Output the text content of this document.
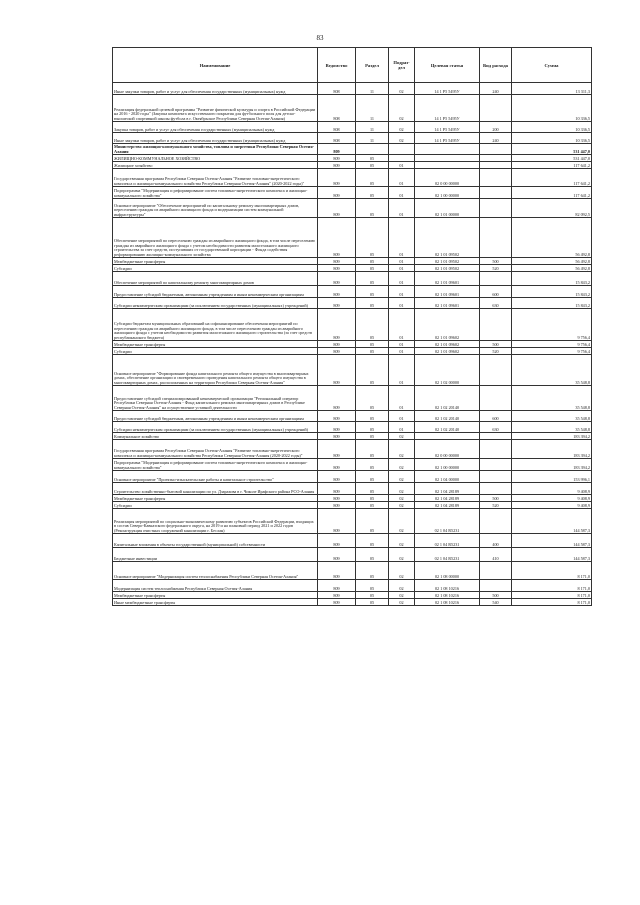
83
Наименование	Ведомство	Раздел	Подраз-дел	Целевая статья	Вид расхода	Сумма
Иные закупки товаров, работ и услуг для обеспечения государственных (муниципальных) нужд	808	11	02	14 1 P5 5495У	240	13 311,3
Реализация федеральной целевой программы "Развитие физической культуры и спорта в Российской Федерации на 2016 - 2020 годы" (Закупка комплекта искусственного покрытия для футбольного поля для детско-юношеской спортивной школы футбола в г. Октябрьское Республики Северная Осетия-Алания)	808	11	02	14 1 P5 5495У		10 336,5
Закупка товаров, работ и услуг для обеспечения государственных (муниципальных) нужд	808	11	02	14 1 P5 5495У	200	10 336,5
Иные закупки товаров, работ и услуг для обеспечения государственных (муниципальных) нужд	808	11	02	14 1 P5 5495У	240	10 336,5
Министерство жилищно-коммунального хозяйства, топлива и энергетики Республики Северная Осетия-Алания	809					531 447,0
ЖИЛИЩНО-КОММУНАЛЬНОЕ ХОЗЯЙСТВО	809	05				531 447,0
Жилищное хозяйство	809	05	01			117 641,2
Государственная программа Республики Северная Осетия-Алания "Развитие топливно-энергетического комплекса и жилищно-коммунального хозяйства Республики Северная Осетия-Алания" (2020-2022 годы)"	809	05	01	02 0 00 00000		117 641,2
Подпрограмма "Модернизация и реформирование систем топливно-энергетического комплекса и жилищно-коммунального хозяйства"	809	05	01	02 1 00 00000		117 641,2
Основное мероприятие "Обеспечение мероприятий по капитальному ремонту многоквартирных домов, переселению граждан из аварийного жилищного фонда и модернизации систем коммунальной инфраструктуры"	809	05	01	02 1 01 00000		82 092,5
Обеспечение мероприятий по переселению граждан из аварийного жилищного фонда, в том числе переселению граждан из аварийного жилищного фонда с учетом необходимости развития малоэтажного жилищного строительства за счет средств, поступивших от государственной корпорации - Фонда содействия реформированию жилищно-коммунального хозяйства	809	05	01	02 1 01 09502		56 492,8
Межбюджетные трансферты	809	05	01	02 1 01 09502	500	56 492,8
Субсидии	809	05	01	02 1 01 09502	520	56 492,8
Обеспечение мероприятий по капитальному ремонту многоквартирных домов	809	05	01	02 1 01 09601		15 843,2
Предоставление субсидий бюджетным, автономным учреждениям и иным некоммерческим организациям	809	05	01	02 1 01 09601	600	15 843,2
Субсидии некоммерческим организациям (за исключением государственных (муниципальных) учреждений)	809	05	01	02 1 01 09601	630	15 843,2
Субсидии бюджетам муниципальных образований на софинансирование обеспечения мероприятий по переселению граждан из аварийного жилищного фонда, в том числе переселению граждан из аварийного жилищного фонда с учетом необходимости развития малоэтажного жилищного строительства (за счет средств республиканского бюджета)	809	05	01	02 1 01 09602		9 756,4
Межбюджетные трансферты	809	05	01	02 1 01 09602	500	9 756,4
Субсидии	809	05	01	02 1 01 09602	520	9 756,4
Основное мероприятие "Формирование фонда капитального ремонта общего имущества в многоквартирных домах, обеспечение организации и своевременного проведения капитального ремонта общего имущества в многоквартирных домах, расположенных на территории Республики Северная Осетия-Алания"	809	05	01	02 1 02 00000		35 548,8
Предоставление субсидий специализированной некоммерческой организации "Региональный оператор Республики Северная Осетия-Алания - Фонд капитального ремонта многоквартирных домов в Республике Северная Осетия-Алания" на осуществление уставной деятельности	809	05	01	02 1 02 20140		35 548,8
Предоставление субсидий бюджетным, автономным учреждениям и иным некоммерческим организациям	809	05	01	02 1 02 20140	600	35 548,8
Субсидии некоммерческим организациям (за исключением государственных (муниципальных) учреждений)	809	05	01	02 1 02 20140	630	35 548,8
Коммунальное хозяйство	809	05	02			183 394,2
Государственная программа Республики Северная Осетия-Алания "Развитие топливно-энергетического комплекса и жилищно-коммунального хозяйства Республики Северная Осетия-Алания (2020-2022 годы)"	809	05	02	02 0 00 00000		183 394,2
Подпрограмма "Модернизация и реформирование систем топливно-энергетического комплекса и жилищно-коммунального хозяйства"	809	05	02	02 1 00 00000		183 394,2
Основное мероприятие "Проектно-изыскательские работы и капитальное строительство"	809	05	02	02 1 04 00000		153 996,1
Строительство хозяйственно-бытовой канализации по ул. Дзарахова в г. Чиколе Ирафского района РСО-Алания	809	05	02	02 1 04 28189		9 408,9
Межбюджетные трансферты	809	05	02	02 1 04 28189	500	9 408,9
Субсидии	809	05	02	02 1 04 28189	520	9 408,9
Реализация мероприятий по социально-экономическому развитию субъектов Российской Федерации, входящих в состав Северо-Кавказского федерального округа, на 2019 и на плановый период 2021 и 2022 годов (Реконструкция очистных сооружений канализации г. Беслан)	809	05	02	02 1 04 R5231		144 587,3
Капитальные вложения в объекты государственной (муниципальной) собственности	809	05	02	02 1 04 R5231	400	144 587,3
Бюджетные инвестиции	809	05	02	02 1 04 R5231	410	144 587,3
Основное мероприятие "Модернизация систем теплоснабжения Республики Северная Осетия-Алания"	809	05	02	02 1 08 00000		8 171,0
Модернизация систем теплоснабжения Республики Северная Осетия-Алания	809	05	02	02 1 08 10216		8 171,0
Межбюджетные трансферты	809	05	02	02 1 08 10216	500	8 171,0
Иные межбюджетные трансферты	809	05	02	02 1 08 10216	540	8 171,0
